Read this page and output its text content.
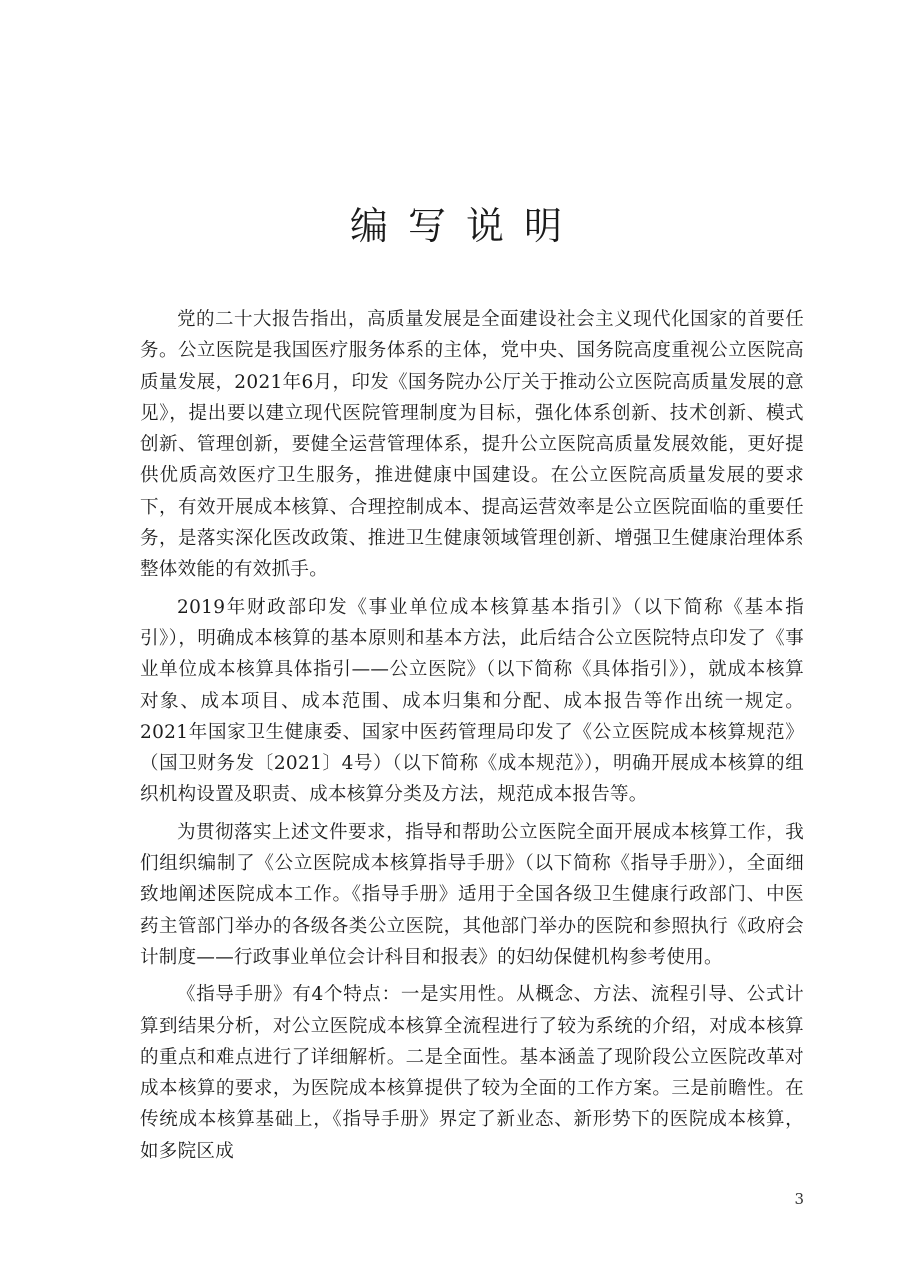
编写说明

党的二十大报告指出，高质量发展是全面建设社会主义现代化国家的首要任务。公立医院是我国医疗服务体系的主体，党中央、国务院高度重视公立医院高质量发展，2021年6月，印发《国务院办公厅关于推动公立医院高质量发展的意见》，提出要以建立现代医院管理制度为目标，强化体系创新、技术创新、模式创新、管理创新，要健全运营管理体系，提升公立医院高质量发展效能，更好提供优质高效医疗卫生服务，推进健康中国建设。在公立医院高质量发展的要求下，有效开展成本核算、合理控制成本、提高运营效率是公立医院面临的重要任务，是落实深化医改政策、推进卫生健康领域管理创新、增强卫生健康治理体系整体效能的有效抓手。

2019年财政部印发《事业单位成本核算基本指引》（以下简称《基本指引》），明确成本核算的基本原则和基本方法，此后结合公立医院特点印发了《事业单位成本核算具体指引——公立医院》（以下简称《具体指引》），就成本核算对象、成本项目、成本范围、成本归集和分配、成本报告等作出统一规定。2021年国家卫生健康委、国家中医药管理局印发了《公立医院成本核算规范》（国卫财务发〔2021〕4号）（以下简称《成本规范》），明确开展成本核算的组织机构设置及职责、成本核算分类及方法，规范成本报告等。

为贯彻落实上述文件要求，指导和帮助公立医院全面开展成本核算工作，我们组织编制了《公立医院成本核算指导手册》（以下简称《指导手册》），全面细致地阐述医院成本工作。《指导手册》适用于全国各级卫生健康行政部门、中医药主管部门举办的各级各类公立医院，其他部门举办的医院和参照执行《政府会计制度——行政事业单位会计科目和报表》的妇幼保健机构参考使用。

《指导手册》有4个特点：一是实用性。从概念、方法、流程引导、公式计算到结果分析，对公立医院成本核算全流程进行了较为系统的介绍，对成本核算的重点和难点进行了详细解析。二是全面性。基本涵盖了现阶段公立医院改革对成本核算的要求，为医院成本核算提供了较为全面的工作方案。三是前瞻性。在传统成本核算基础上，《指导手册》界定了新业态、新形势下的医院成本核算，如多院区成

3
